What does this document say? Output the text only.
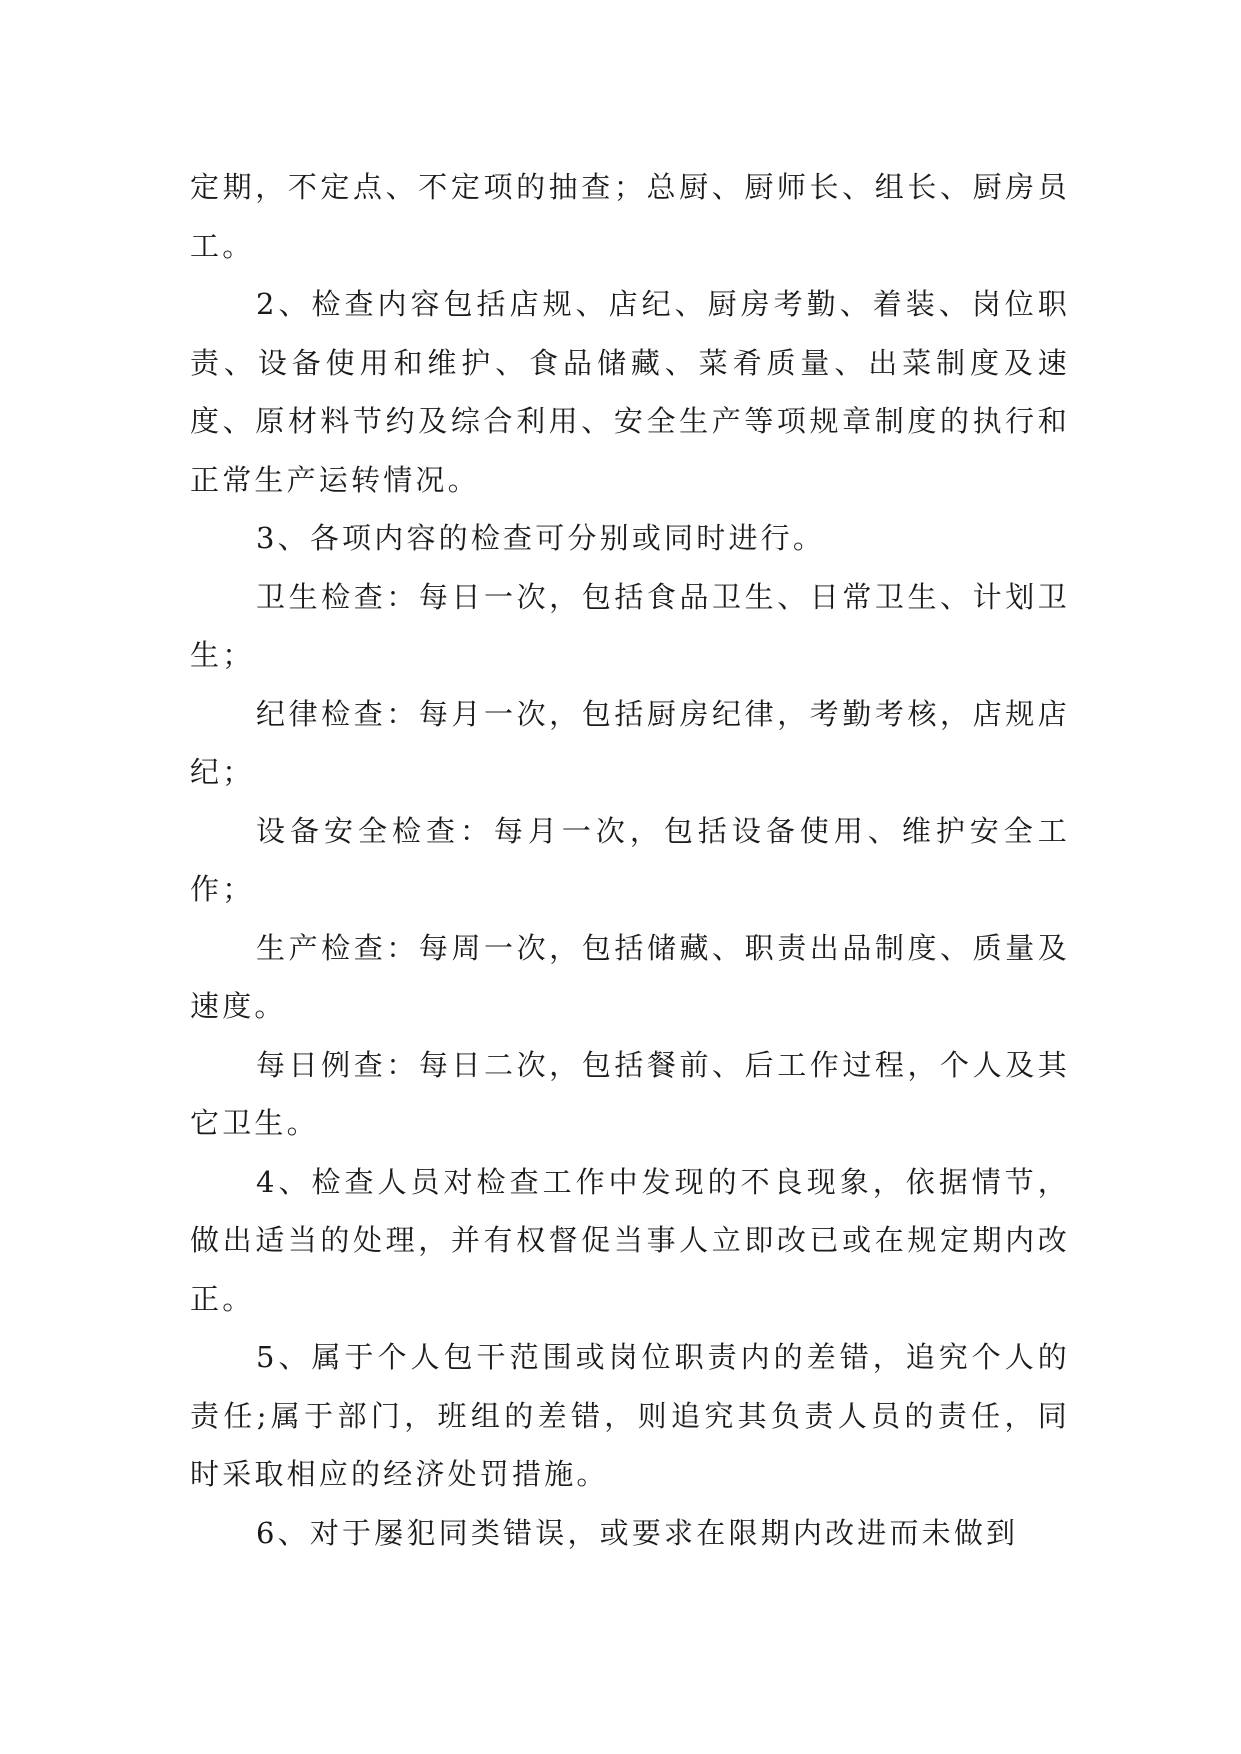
定期，不定点、不定项的抽查；总厨、厨师长、组长、厨房员工。

2、检查内容包括店规、店纪、厨房考勤、着装、岗位职责、设备使用和维护、食品储藏、菜肴质量、出菜制度及速度、原材料节约及综合利用、安全生产等项规章制度的执行和正常生产运转情况。

3、各项内容的检查可分别或同时进行。

卫生检查：每日一次，包括食品卫生、日常卫生、计划卫生；

纪律检查：每月一次，包括厨房纪律，考勤考核，店规店纪；

设备安全检查：每月一次，包括设备使用、维护安全工作；

生产检查：每周一次，包括储藏、职责出品制度、质量及速度。

每日例查：每日二次，包括餐前、后工作过程，个人及其它卫生。

4、检查人员对检查工作中发现的不良现象，依据情节，做出适当的处理，并有权督促当事人立即改已或在规定期内改正。

5、属于个人包干范围或岗位职责内的差错，追究个人的责任;属于部门，班组的差错，则追究其负责人员的责任，同时采取相应的经济处罚措施。

6、对于屡犯同类错误，或要求在限期内改进而未做到
